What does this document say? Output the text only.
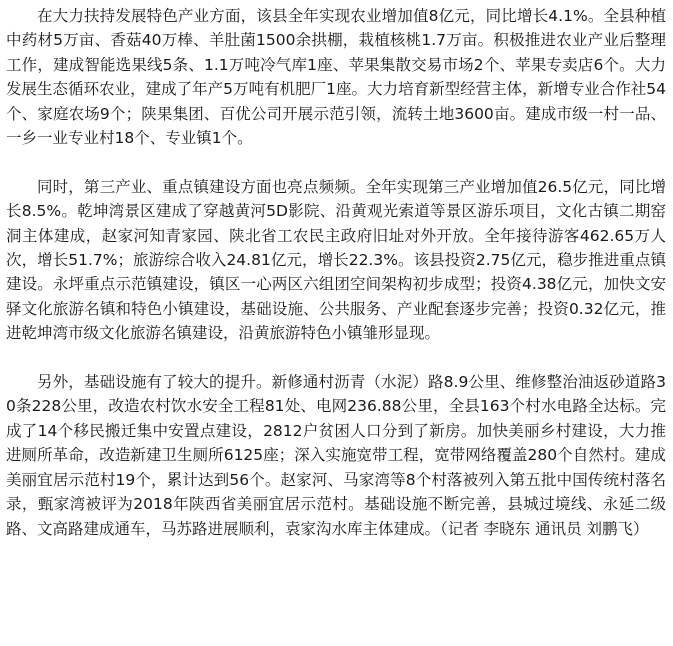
在大力扶持发展特色产业方面，该县全年实现农业增加值8亿元，同比增长4.1%。全县种植中药材5万亩、香菇40万棒、羊肚菌1500余拱棚，栽植核桃1.7万亩。积极推进农业产业后整理工作，建成智能选果线5条、1.1万吨冷气库1座、苹果集散交易市场2个、苹果专卖店6个。大力发展生态循环农业，建成了年产5万吨有机肥厂1座。大力培育新型经营主体，新增专业合作社54个、家庭农场9个；陕果集团、百优公司开展示范引领，流转土地3600亩。建成市级一村一品、一乡一业专业村18个、专业镇1个。

同时，第三产业、重点镇建设方面也亮点频频。全年实现第三产业增加值26.5亿元，同比增长8.5%。乾坤湾景区建成了穿越黄河5D影院、沿黄观光索道等景区游乐项目，文化古镇二期窑洞主体建成，赵家河知青家园、陕北省工农民主政府旧址对外开放。全年接待游客462.65万人次，增长51.7%；旅游综合收入24.81亿元，增长22.3%。该县投资2.75亿元，稳步推进重点镇建设。永坪重点示范镇建设，镇区一心两区六组团空间架构初步成型；投资4.38亿元，加快文安驿文化旅游名镇和特色小镇建设，基础设施、公共服务、产业配套逐步完善；投资0.32亿元，推进乾坤湾市级文化旅游名镇建设，沿黄旅游特色小镇雏形显现。

另外，基础设施有了较大的提升。新修通村沥青（水泥）路8.9公里、维修整治油返砂道路30条228公里，改造农村饮水安全工程81处、电网236.88公里，全县163个村水电路全达标。完成了14个移民搬迁集中安置点建设，2812户贫困人口分到了新房。加快美丽乡村建设，大力推进厕所革命，改造新建卫生厕所6125座；深入实施宽带工程，宽带网络覆盖280个自然村。建成美丽宜居示范村19个，累计达到56个。赵家河、马家湾等8个村落被列入第五批中国传统村落名录，甄家湾被评为2018年陕西省美丽宜居示范村。基础设施不断完善，县城过境线、永延二级路、文高路建成通车，马苏路进展顺利，袁家沟水库主体建成。（记者 李晓东 通讯员 刘鹏飞）
